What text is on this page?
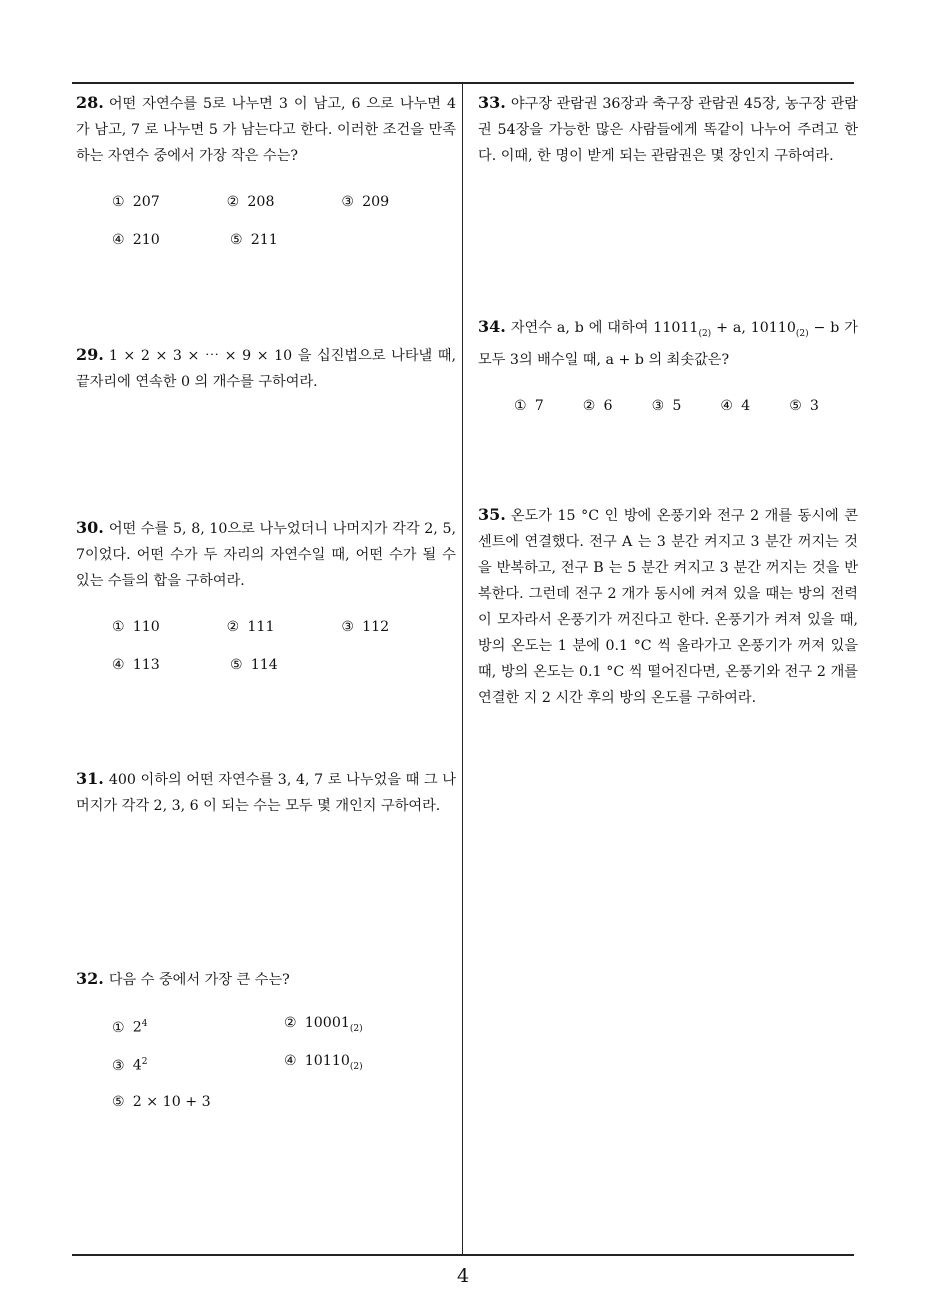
28. 어떤 자연수를 5로 나누면 3 이 남고, 6 으로 나누면 4 가 남고, 7 로 나누면 5 가 남는다고 한다. 이러한 조건을 만족하는 자연수 중에서 가장 작은 수는?
① 207	② 208	③ 209
④ 210	⑤ 211
29. 1 × 2 × 3 × ⋯ × 9 × 10 을 십진법으로 나타낼 때, 끝자리에 연속한 0 의 개수를 구하여라.
30. 어떤 수를 5, 8, 10으로 나누었더니 나머지가 각각 2, 5, 7이었다. 어떤 수가 두 자리의 자연수일 때, 어떤 수가 될 수 있는 수들의 합을 구하여라.
① 110	② 111	③ 112
④ 113	⑤ 114
31. 400 이하의 어떤 자연수를 3, 4, 7 로 나누었을 때 그 나머지가 각각 2, 3, 6 이 되는 수는 모두 몇 개인지 구하여라.
32. 다음 수 중에서 가장 큰 수는?
① $2^4$	② $10001_{(2)}$
③ $4^2$	④ $10110_{(2)}$
⑤ 2 × 10 + 3
33. 야구장 관람권 36장과 축구장 관람권 45장, 농구장 관람권 54장을 가능한 많은 사람들에게 똑같이 나누어 주려고 한다. 이때, 한 명이 받게 되는 관람권은 몇 장인지 구하여라.
34. 자연수 a, b 에 대하여 $11011_{(2)} + a$, $10110_{(2)} - b$ 가 모두 3의 배수일 때, a + b 의 최솟값은?
① 7	② 6	③ 5	④ 4	⑤ 3
35. 온도가 15 °C 인 방에 온풍기와 전구 2 개를 동시에 콘센트에 연결했다. 전구 A 는 3 분간 켜지고 3 분간 꺼지는 것을 반복하고, 전구 B 는 5 분간 켜지고 3 분간 꺼지는 것을 반복한다. 그런데 전구 2 개가 동시에 켜져 있을 때는 방의 전력이 모자라서 온풍기가 꺼진다고 한다. 온풍기가 켜져 있을 때, 방의 온도는 1 분에 0.1 °C 씩 올라가고 온풍기가 꺼져 있을 때, 방의 온도는 0.1 °C 씩 떨어진다면, 온풍기와 전구 2 개를 연결한 지 2 시간 후의 방의 온도를 구하여라.
4
